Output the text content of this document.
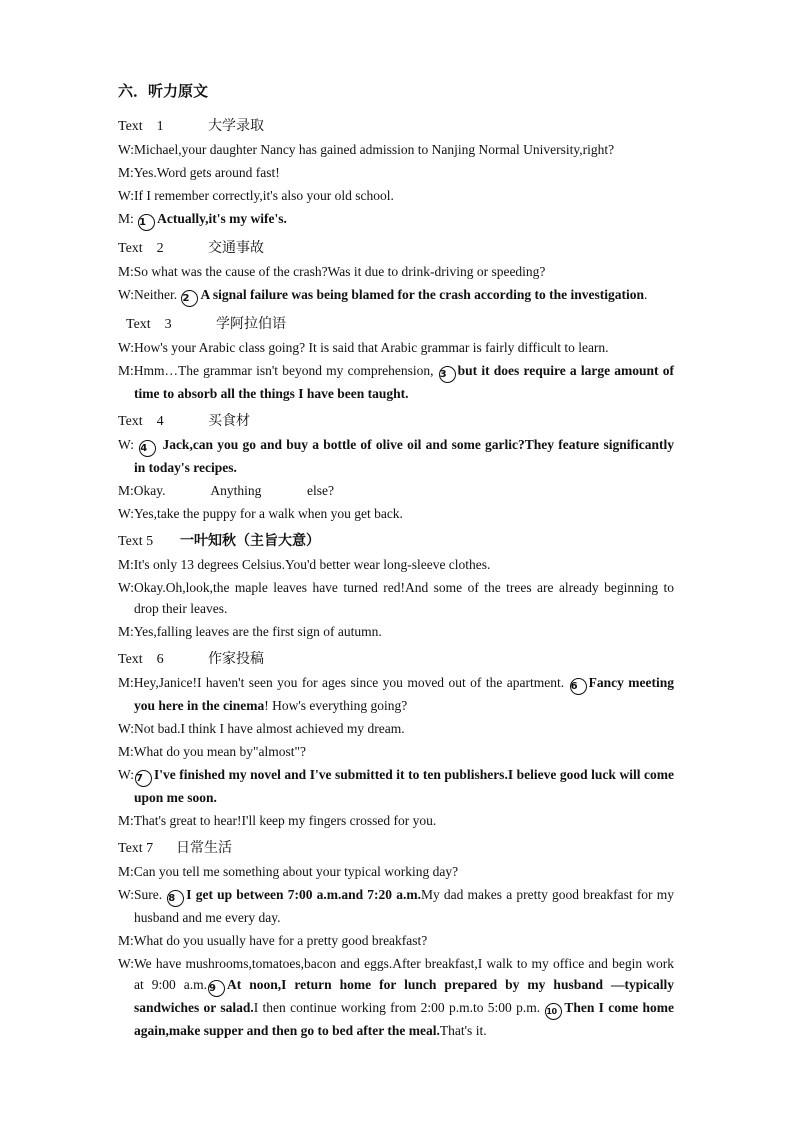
六．听力原文
Text　1	大学录取

W:Michael,your daughter Nancy has gained admission to Nanjing Normal University,right?

M:Yes.Word gets around fast!

W:If I remember correctly,it's also your old school.

M: 1 Actually,it's my wife's.

Text　2	交通事故

M:So what was the cause of the crash?Was it due to drink-driving or speeding?

W:Neither. 2 A signal failure was being blamed for the crash according to the investigation.

Text　3	学阿拉伯语

W:How's your Arabic class going? It is said that Arabic grammar is fairly difficult to learn.

M:Hmm…The grammar isn't beyond my comprehension, 3 but it does require a large amount of time to absorb all the things I have been taught.

Text　4	买食材

W: 4 Jack,can you go and buy a bottle of olive oil and some garlic?They feature significantly in today's recipes.

M:Okay. Anything else?

W:Yes,take the puppy for a walk when you get back.

Text 5 一叶知秋（主旨大意）

M:It's only 13 degrees Celsius.You'd better wear long-sleeve clothes.

W:Okay.Oh,look,the maple leaves have turned red!And some of the trees are already beginning to drop their leaves.

M:Yes,falling leaves are the first sign of autumn.

Text　6	作家投稿

M:Hey,Janice!I haven't seen you for ages since you moved out of the apartment. 6 Fancy meeting you here in the cinema! How's everything going?

W:Not bad.I think I have almost achieved my dream.

M:What do you mean by"almost"?

W: 7 I've finished my novel and I've submitted it to ten publishers.I believe good luck will come upon me soon.

M:That's great to hear!I'll keep my fingers crossed for you.

Text 7 日常生活

M:Can you tell me something about your typical working day?

W:Sure. 8 I get up between 7:00 a.m.and 7:20 a.m.My dad makes a pretty good breakfast for my husband and me every day.

M:What do you usually have for a pretty good breakfast?

W:We have mushrooms,tomatoes,bacon and eggs.After breakfast,I walk to my office and begin work at 9:00 a.m. 9 At noon,I return home for lunch prepared by my husband —typically sandwiches or salad.I then continue working from 2:00 p.m.to 5:00 p.m. 10 Then I come home again,make supper and then go to bed after the meal.That's it.
